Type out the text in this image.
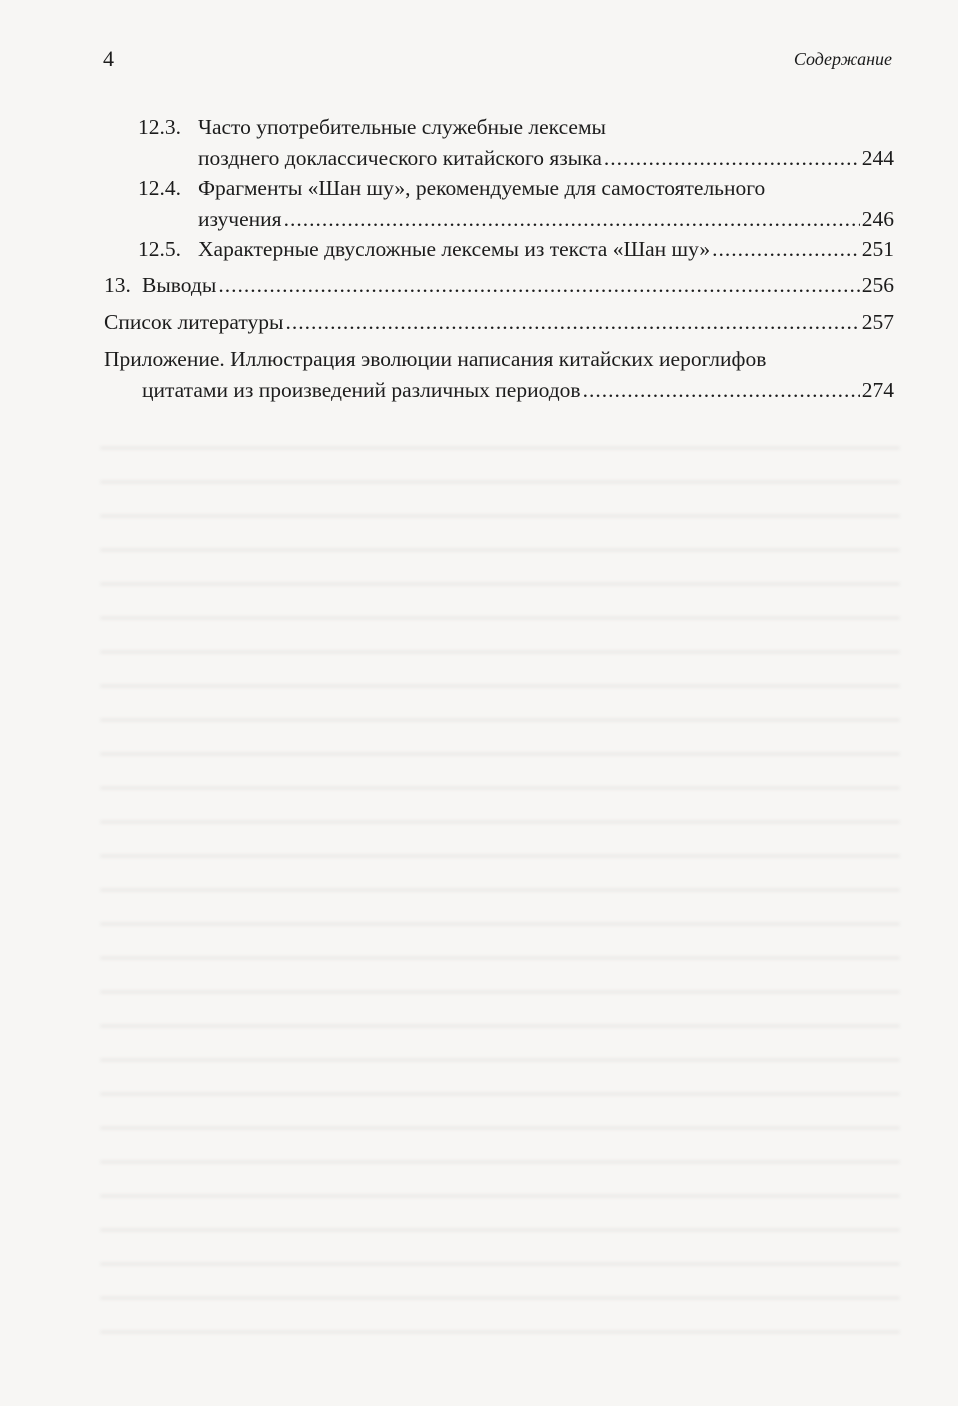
4	Содержание
12.3. Часто употребительные служебные лексемы
позднего доклассического китайского языка .....	244
12.4. Фрагменты «Шан шу», рекомендуемые для самостоятельного
изучения .....	246
12.5. Характерные двусложные лексемы из текста «Шан шу» .....	251
13. Выводы .....	256
Список литературы .....	257
Приложение. Иллюстрация эволюции написания китайских иероглифов
цитатами из произведений различных периодов .....	274
